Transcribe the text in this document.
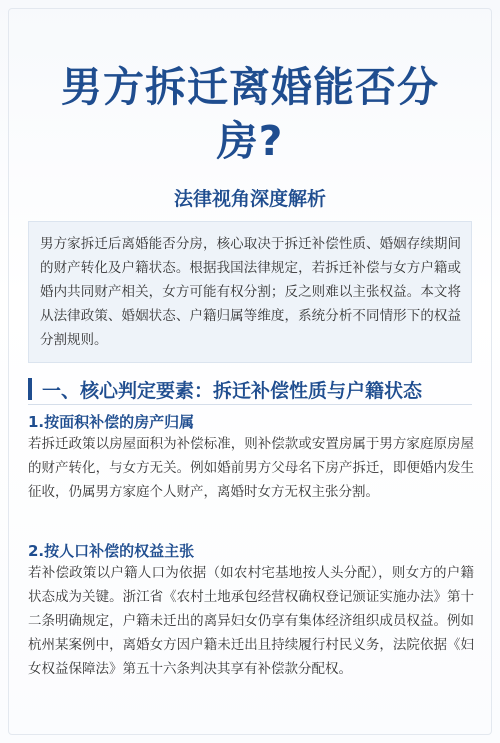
男方拆迁离婚能否分房?
法律视角深度解析
男方家拆迁后离婚能否分房，核心取决于拆迁补偿性质、婚姻存续期间的财产转化及户籍状态。根据我国法律规定，若拆迁补偿与女方户籍或婚内共同财产相关，女方可能有权分割；反之则难以主张权益。本文将从法律政策、婚姻状态、户籍归属等维度，系统分析不同情形下的权益分割规则。
一、核心判定要素：拆迁补偿性质与户籍状态
1.按面积补偿的房产归属
若拆迁政策以房屋面积为补偿标准，则补偿款或安置房属于男方家庭原房屋的财产转化，与女方无关。例如婚前男方父母名下房产拆迁，即便婚内发生征收，仍属男方家庭个人财产，离婚时女方无权主张分割。
2.按人口补偿的权益主张
若补偿政策以户籍人口为依据（如农村宅基地按人头分配），则女方的户籍状态成为关键。浙江省《农村土地承包经营权确权登记颁证实施办法》第十二条明确规定，户籍未迁出的离异妇女仍享有集体经济组织成员权益。例如杭州某案例中，离婚女方因户籍未迁出且持续履行村民义务，法院依据《妇女权益保障法》第五十六条判决其享有补偿款分配权。
